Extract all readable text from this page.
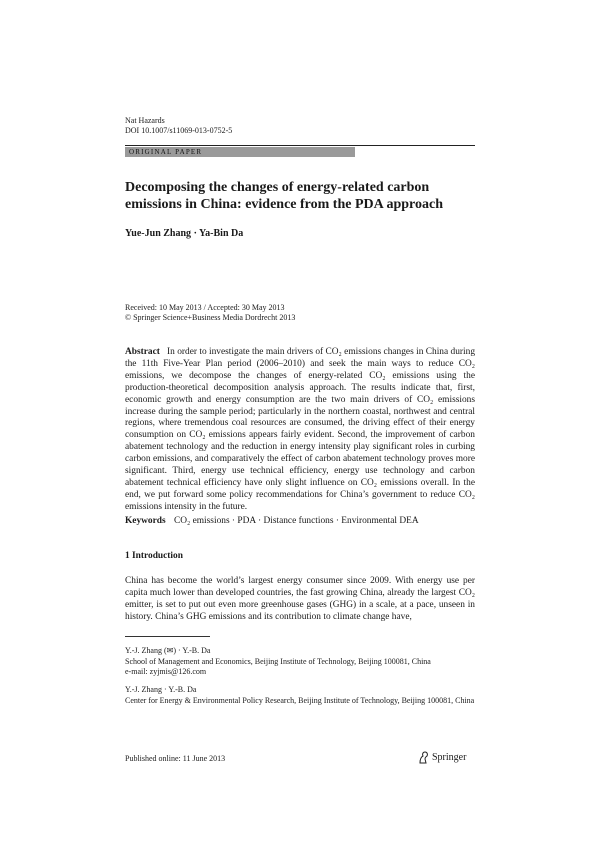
Nat Hazards
DOI 10.1007/s11069-013-0752-5
ORIGINAL PAPER
Decomposing the changes of energy-related carbon emissions in China: evidence from the PDA approach
Yue-Jun Zhang · Ya-Bin Da
Received: 10 May 2013 / Accepted: 30 May 2013
© Springer Science+Business Media Dordrecht 2013
Abstract In order to investigate the main drivers of CO₂ emissions changes in China during the 11th Five-Year Plan period (2006–2010) and seek the main ways to reduce CO₂ emissions, we decompose the changes of energy-related CO₂ emissions using the production-theoretical decomposition analysis approach. The results indicate that, first, economic growth and energy consumption are the two main drivers of CO₂ emissions increase during the sample period; particularly in the northern coastal, northwest and central regions, where tremendous coal resources are consumed, the driving effect of their energy consumption on CO₂ emissions appears fairly evident. Second, the improvement of carbon abatement technology and the reduction in energy intensity play significant roles in curbing carbon emissions, and comparatively the effect of carbon abatement technology proves more significant. Third, energy use technical efficiency, energy use technology and carbon abatement technical efficiency have only slight influence on CO₂ emissions overall. In the end, we put forward some policy recommendations for China’s government to reduce CO₂ emissions intensity in the future.
Keywords CO₂ emissions · PDA · Distance functions · Environmental DEA
1 Introduction
China has become the world’s largest energy consumer since 2009. With energy use per capita much lower than developed countries, the fast growing China, already the largest CO₂ emitter, is set to put out even more greenhouse gases (GHG) in a scale, at a pace, unseen in history. China’s GHG emissions and its contribution to climate change have,
Y.-J. Zhang (✉) · Y.-B. Da
School of Management and Economics, Beijing Institute of Technology, Beijing 100081, China
e-mail: zyjmis@126.com
Y.-J. Zhang · Y.-B. Da
Center for Energy & Environmental Policy Research, Beijing Institute of Technology, Beijing 100081, China
Published online: 11 June 2013	Springer
